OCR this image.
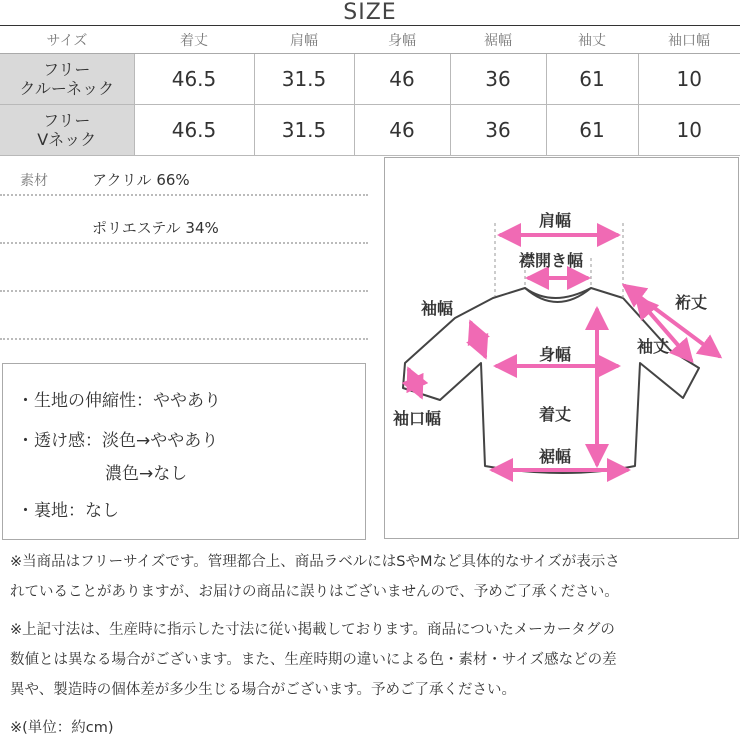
SIZE
サイズ	着丈	肩幅	身幅	裾幅	袖丈	袖口幅

フリー
クルーネック	46.5	31.5	46	36	61	10

フリー
Vネック	46.5	31.5	46	36	61	10
素材	アクリル 66%
ポリエステル 34%
・生地の伸縮性：ややあり
・透け感：淡色→ややあり
濃色→なし
・裏地：なし
肩幅
襟開き幅
裄丈
袖幅
袖丈
身幅
着丈
袖口幅
裾幅
※当商品はフリーサイズです。管理都合上、商品ラベルにはSやMなど具体的なサイズが表示さ
れていることがありますが、お届けの商品に誤りはございませんので、予めご了承ください。
※上記寸法は、生産時に指示した寸法に従い掲載しております。商品についたメーカータグの
数値とは異なる場合がございます。また、生産時期の違いによる色・素材・サイズ感などの差
異や、製造時の個体差が多少生じる場合がございます。予めご了承ください。
※(単位：約cm)
